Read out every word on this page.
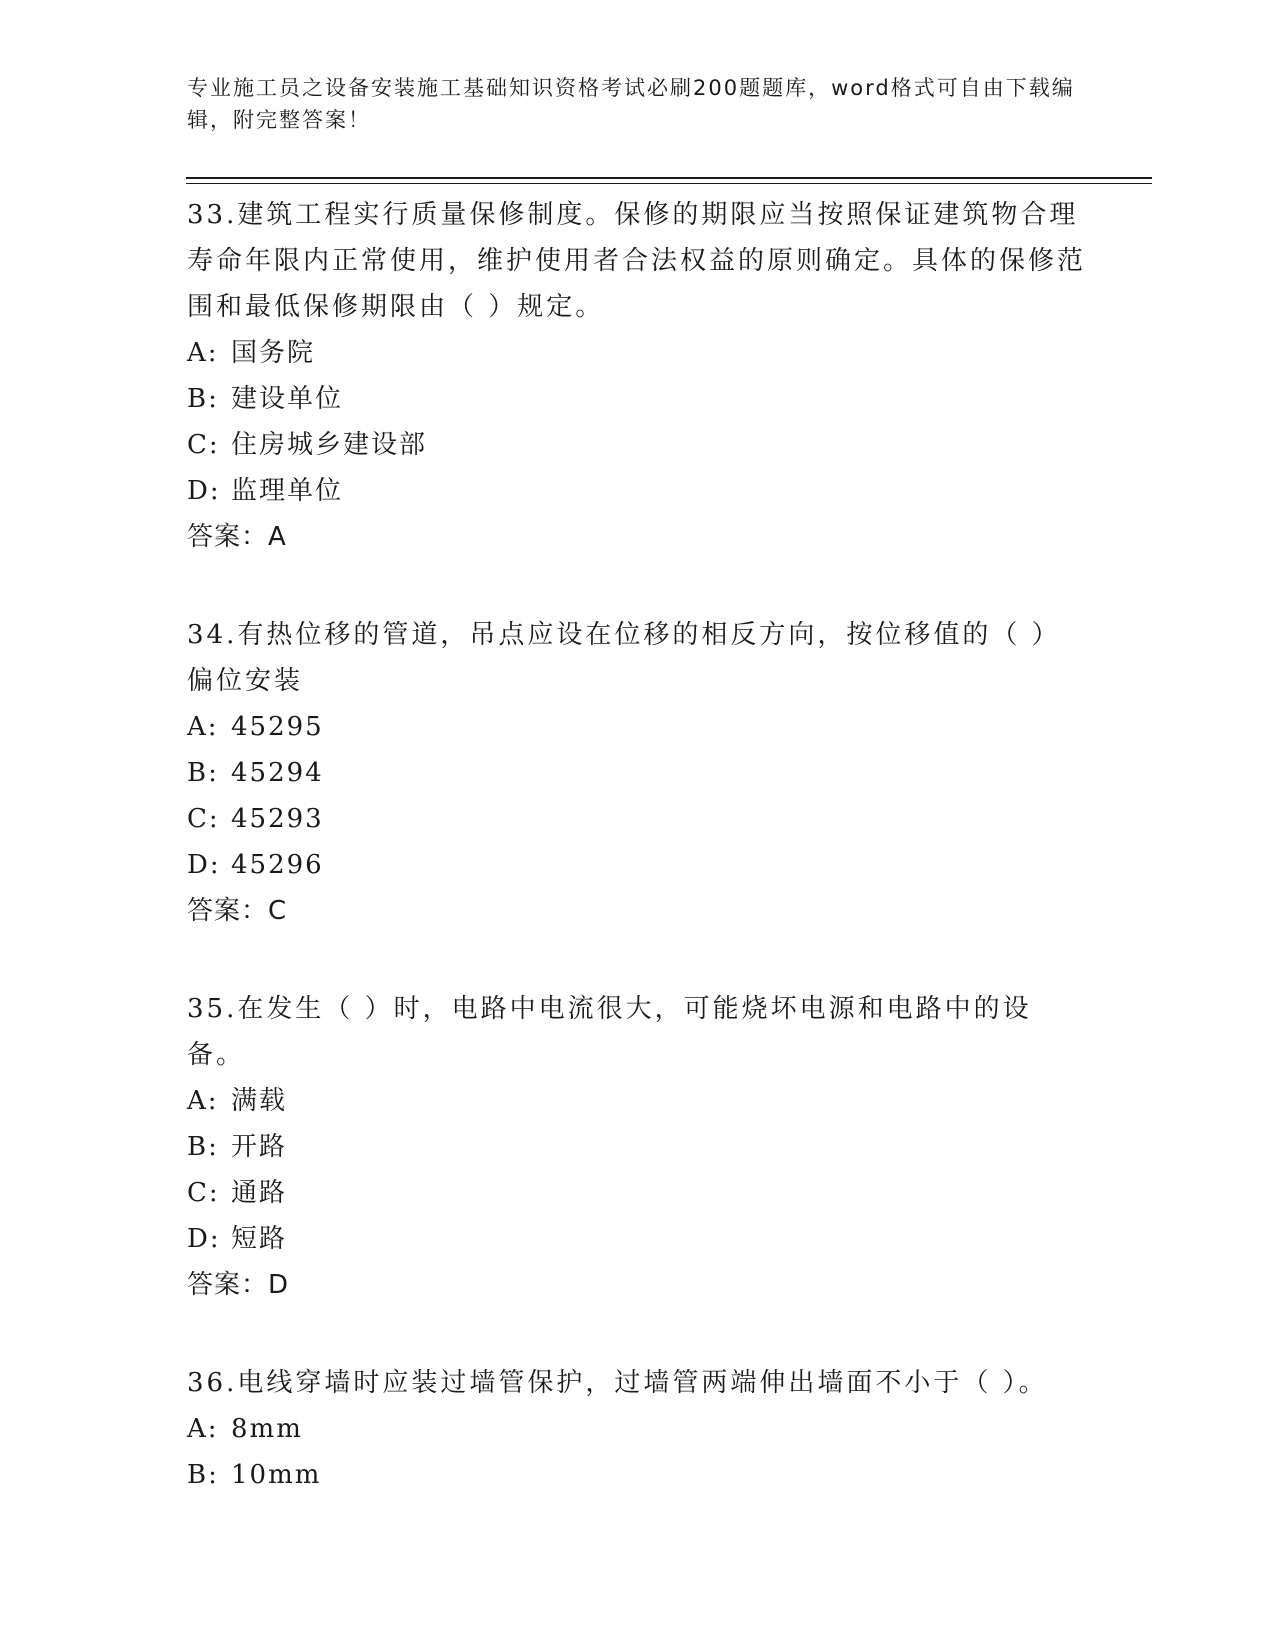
专业施工员之设备安装施工基础知识资格考试必刷200题题库，word格式可自由下载编辑，附完整答案！
33.建筑工程实行质量保修制度。保修的期限应当按照保证建筑物合理寿命年限内正常使用，维护使用者合法权益的原则确定。具体的保修范围和最低保修期限由（ ）规定。
A: 国务院
B: 建设单位
C: 住房城乡建设部
D: 监理单位
答案：A
34.有热位移的管道，吊点应设在位移的相反方向，按位移值的（ ）偏位安装
A: 45295
B: 45294
C: 45293
D: 45296
答案：C
35.在发生（ ）时，电路中电流很大，可能烧坏电源和电路中的设备。
A: 满载
B: 开路
C: 通路
D: 短路
答案：D
36.电线穿墙时应装过墙管保护，过墙管两端伸出墙面不小于（ ）。
A: 8mm
B: 10mm
